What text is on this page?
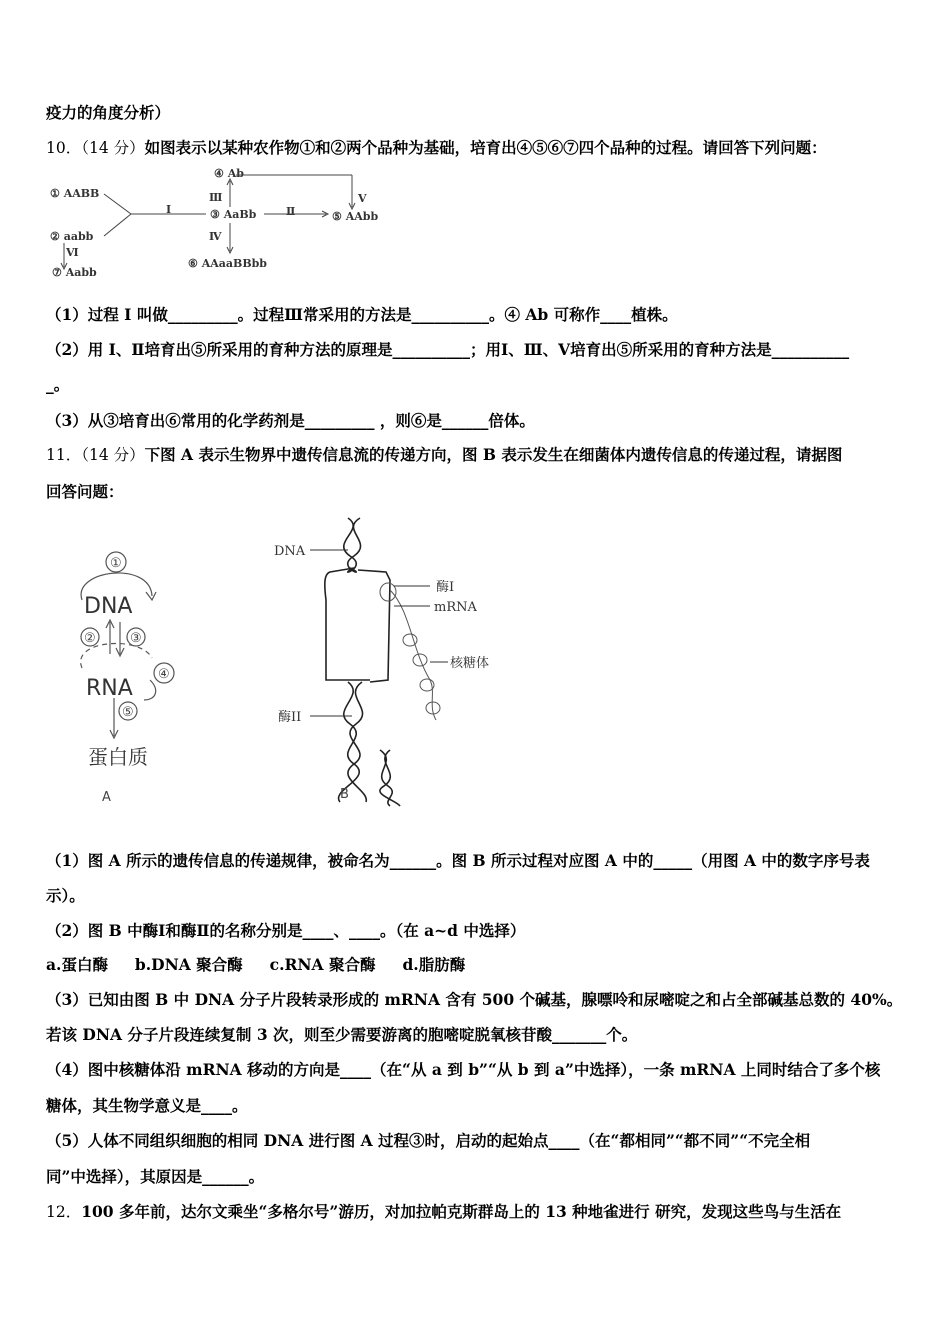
疫力的角度分析）
10．（14 分）如图表示以某种农作物①和②两个品种为基础，培育出④⑤⑥⑦四个品种的过程。请回答下列问题：
① AABB
② aabb
③ AaBb
④ Ab
⑤ AAbb
⑥ AAaaBBbb
⑦ Aabb
I	Ⅱ
Ⅲ
Ⅳ
Ⅴ
Ⅵ
（1）过程 I 叫做_________。过程Ⅲ常采用的方法是__________。④ Ab 可称作____植株。
（2）用 I、Ⅱ培育出⑤所采用的育种方法的原理是__________；用Ⅰ、Ⅲ、Ⅴ培育出⑤所采用的育种方法是__________
_。
（3）从③培育出⑥常用的化学药剂是_________ ，则⑥是______倍体。
11．（14 分）下图 A 表示生物界中遗传信息流的传递方向，图 B 表示发生在细菌体内遗传信息的传递过程，请据图
回答问题：
①
②	③
④
⑤
DNA
RNA
蛋白质
A
DNA
酶I
mRNA
核糖体
酶II
B
（1）图 A 所示的遗传信息的传递规律，被命名为______。图 B 所示过程对应图 A 中的_____（用图 A 中的数字序号表
示）。
（2）图 B 中酶Ⅰ和酶Ⅱ的名称分别是____、____。（在 a~d 中选择）
a.蛋白酶     b.DNA 聚合酶     c.RNA 聚合酶     d.脂肪酶
（3）已知由图 B 中 DNA 分子片段转录形成的 mRNA 含有 500 个碱基，腺嘌呤和尿嘧啶之和占全部碱基总数的 40%。
若该 DNA 分子片段连续复制 3 次，则至少需要游离的胞嘧啶脱氧核苷酸_______个。
（4）图中核糖体沿 mRNA 移动的方向是____（在“从 a 到 b”“从 b 到 a”中选择），一条 mRNA 上同时结合了多个核
糖体，其生物学意义是____。
（5）人体不同组织细胞的相同 DNA 进行图 A 过程③时，启动的起始点____（在“都相同”“都不同”“不完全相
同”中选择），其原因是______。
12．100 多年前，达尔文乘坐“多格尔号”游历，对加拉帕克斯群岛上的 13 种地雀进行 研究，发现这些鸟与生活在
